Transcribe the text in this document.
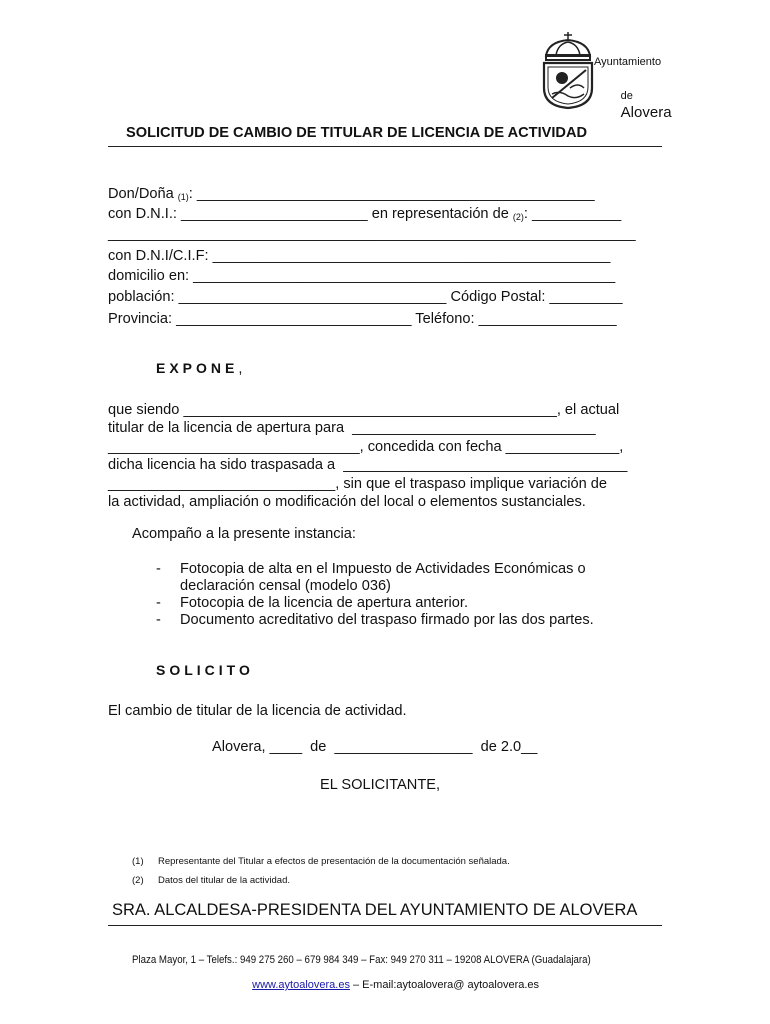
Ayuntamiento

de
Alovera

SOLICITUD DE CAMBIO DE TITULAR DE LICENCIA DE ACTIVIDAD
Don/Doña (1): _________________________________________________
con D.N.I.: _______________________ en representación de (2): ___________
_________________________________________________________________
con D.N.I/C.I.F: _________________________________________________
domicilio en: ____________________________________________________
población: _________________________________ Código Postal: _________
Provincia: _____________________________ Teléfono: _________________
EXPONE,
que siendo ______________________________________________, el actual
titular de la licencia de apertura para  ______________________________
_______________________________, concedida con fecha ______________,
dicha licencia ha sido traspasada a  ___________________________________
____________________________, sin que el traspaso implique variación de
la actividad, ampliación o modificación del local o elementos sustanciales.
Acompaño a la presente instancia:
- Fotocopia de alta en el Impuesto de Actividades Económicas o
declaración censal (modelo 036)
- Fotocopia de la licencia de apertura anterior.
- Documento acreditativo del traspaso firmado por las dos partes.
SOLICITO
El cambio de titular de la licencia de actividad.
Alovera, ____  de  _________________  de 2.0__
EL SOLICITANTE,
(1) Representante del Titular a efectos de presentación de la documentación señalada.
(2) Datos del titular de la actividad.
SRA. ALCALDESA-PRESIDENTA DEL AYUNTAMIENTO DE ALOVERA
Plaza Mayor, 1 – Telefs.: 949 275 260 – 679 984 349 – Fax: 949 270 311 – 19208 ALOVERA (Guadalajara)

www.aytoalovera.es – E-mail:aytoalovera@ aytoalovera.es
